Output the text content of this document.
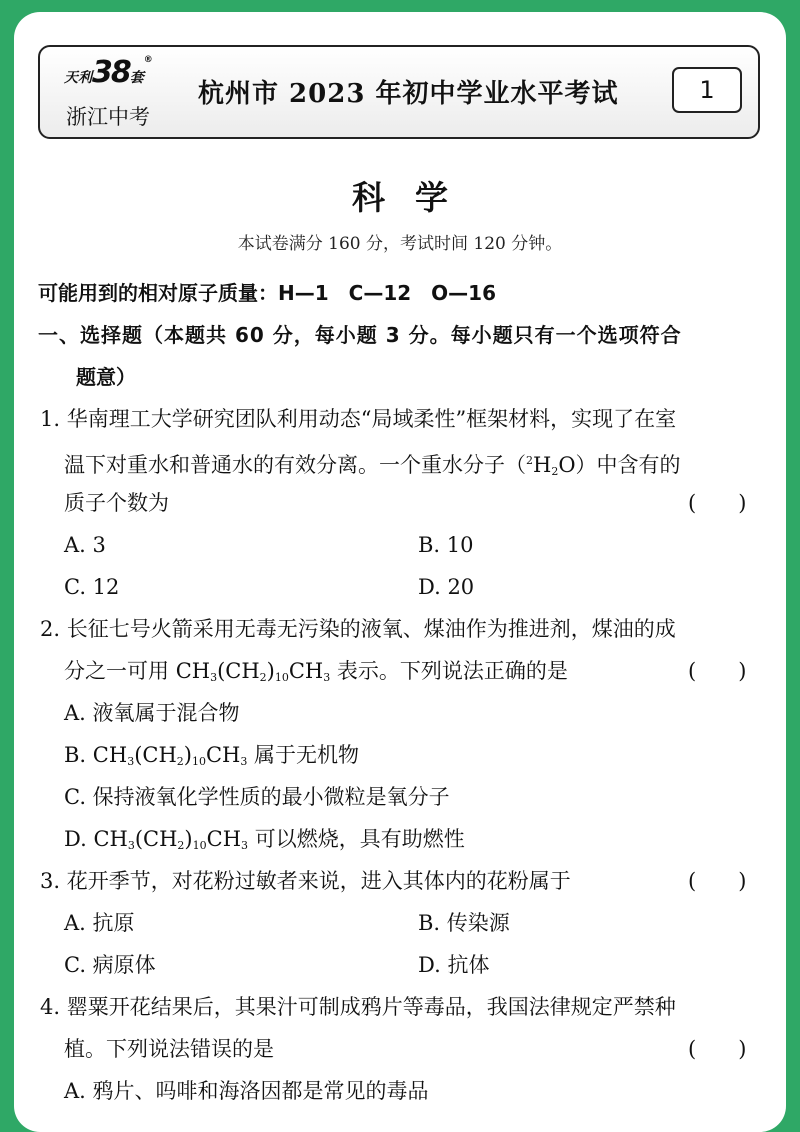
天利38套®
浙江中考
杭州市 2023 年初中学业水平考试	1
科学
本试卷满分 160 分，考试时间 120 分钟。
可能用到的相对原子质量：H—1　C—12　O—16
一、选择题（本题共 60 分，每小题 3 分。每小题只有一个选项符合
题意）
1. 华南理工大学研究团队利用动态“局域柔性”框架材料，实现了在室
温下对重水和普通水的有效分离。一个重水分子$(^2H_2O)$中含有的
质子个数为	(　　)
A. 3	B. 10
C. 12	D. 20
2. 长征七号火箭采用无毒无污染的液氧、煤油作为推进剂，煤油的成
分之一可用 $CH_3(CH_2)_{10}CH_3$ 表示。下列说法正确的是	(　　)
A. 液氧属于混合物
B. $CH_3(CH_2)_{10}CH_3$ 属于无机物
C. 保持液氧化学性质的最小微粒是氧分子
D. $CH_3(CH_2)_{10}CH_3$ 可以燃烧，具有助燃性
3. 花开季节，对花粉过敏者来说，进入其体内的花粉属于	(　　)
A. 抗原	B. 传染源
C. 病原体	D. 抗体
4. 罂粟开花结果后，其果汁可制成鸦片等毒品，我国法律规定严禁种
植。下列说法错误的是	(　　)
A. 鸦片、吗啡和海洛因都是常见的毒品
